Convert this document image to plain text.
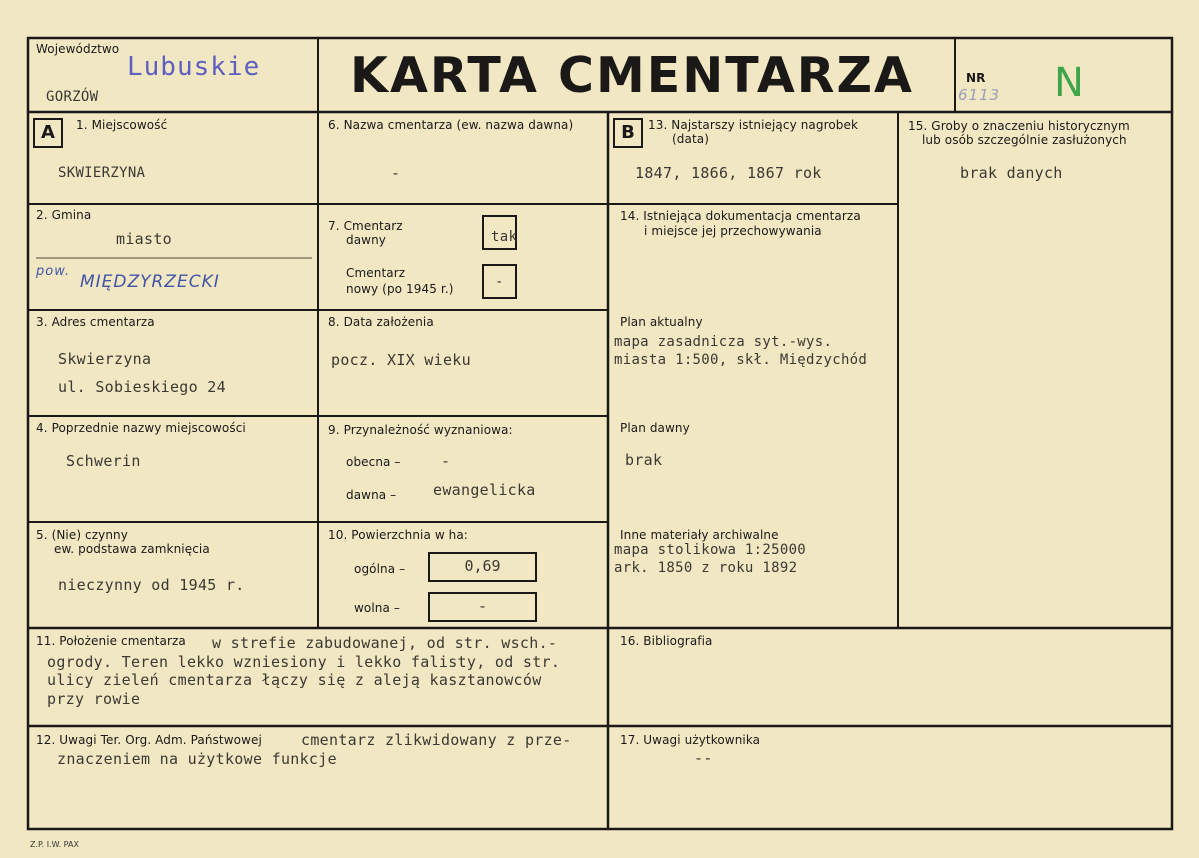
Województwo
Lubuskie
GORZÓW	KARTA CMENTARZA	NR
6113 N
A	B
1. Miejscowość
SKWIERZYNA
2. Gmina
miasto
pow.
MIĘDZYRZECKI
3. Adres cmentarza
Skwierzyna
ul. Sobieskiego 24
4. Poprzednie nazwy miejscowości
Schwerin
5. (Nie) czynny
ew. podstawa zamknięcia
nieczynny od 1945 r.
6. Nazwa cmentarza (ew. nazwa dawna)
-
7. Cmentarz
dawny	tak
Cmentarz
nowy (po 1945 r.)	-
8. Data założenia
pocz. XIX wieku
9. Przynależność wyznaniowa:
obecna –	-
dawna – ewangelicka
10. Powierzchnia w ha:
ogólna –	0,69
wolna –	-
13. Najstarszy istniejący nagrobek
(data)
1847, 1866, 1867 rok
14. Istniejąca dokumentacja cmentarza
i miejsce jej przechowywania
Plan aktualny
mapa zasadnicza syt.-wys.
miasta 1:500, skł. Międzychód
Plan dawny
brak
Inne materiały archiwalne
mapa stolikowa 1:25000
ark. 1850 z roku 1892
15. Groby o znaczeniu historycznym
lub osób szczególnie zasłużonych
brak danych
11. Położenie cmentarza w strefie zabudowanej, od str. wsch.-
ogrody. Teren lekko wzniesiony i lekko falisty, od str.
ulicy zieleń cmentarza łączy się z aleją kasztanowców
przy rowie
12. Uwagi Ter. Org. Adm. Państwowej	cmentarz zlikwidowany z prze-
znaczeniem na użytkowe funkcje
16. Bibliografia
17. Uwagi użytkownika
--
Z.P. I.W. PAX
